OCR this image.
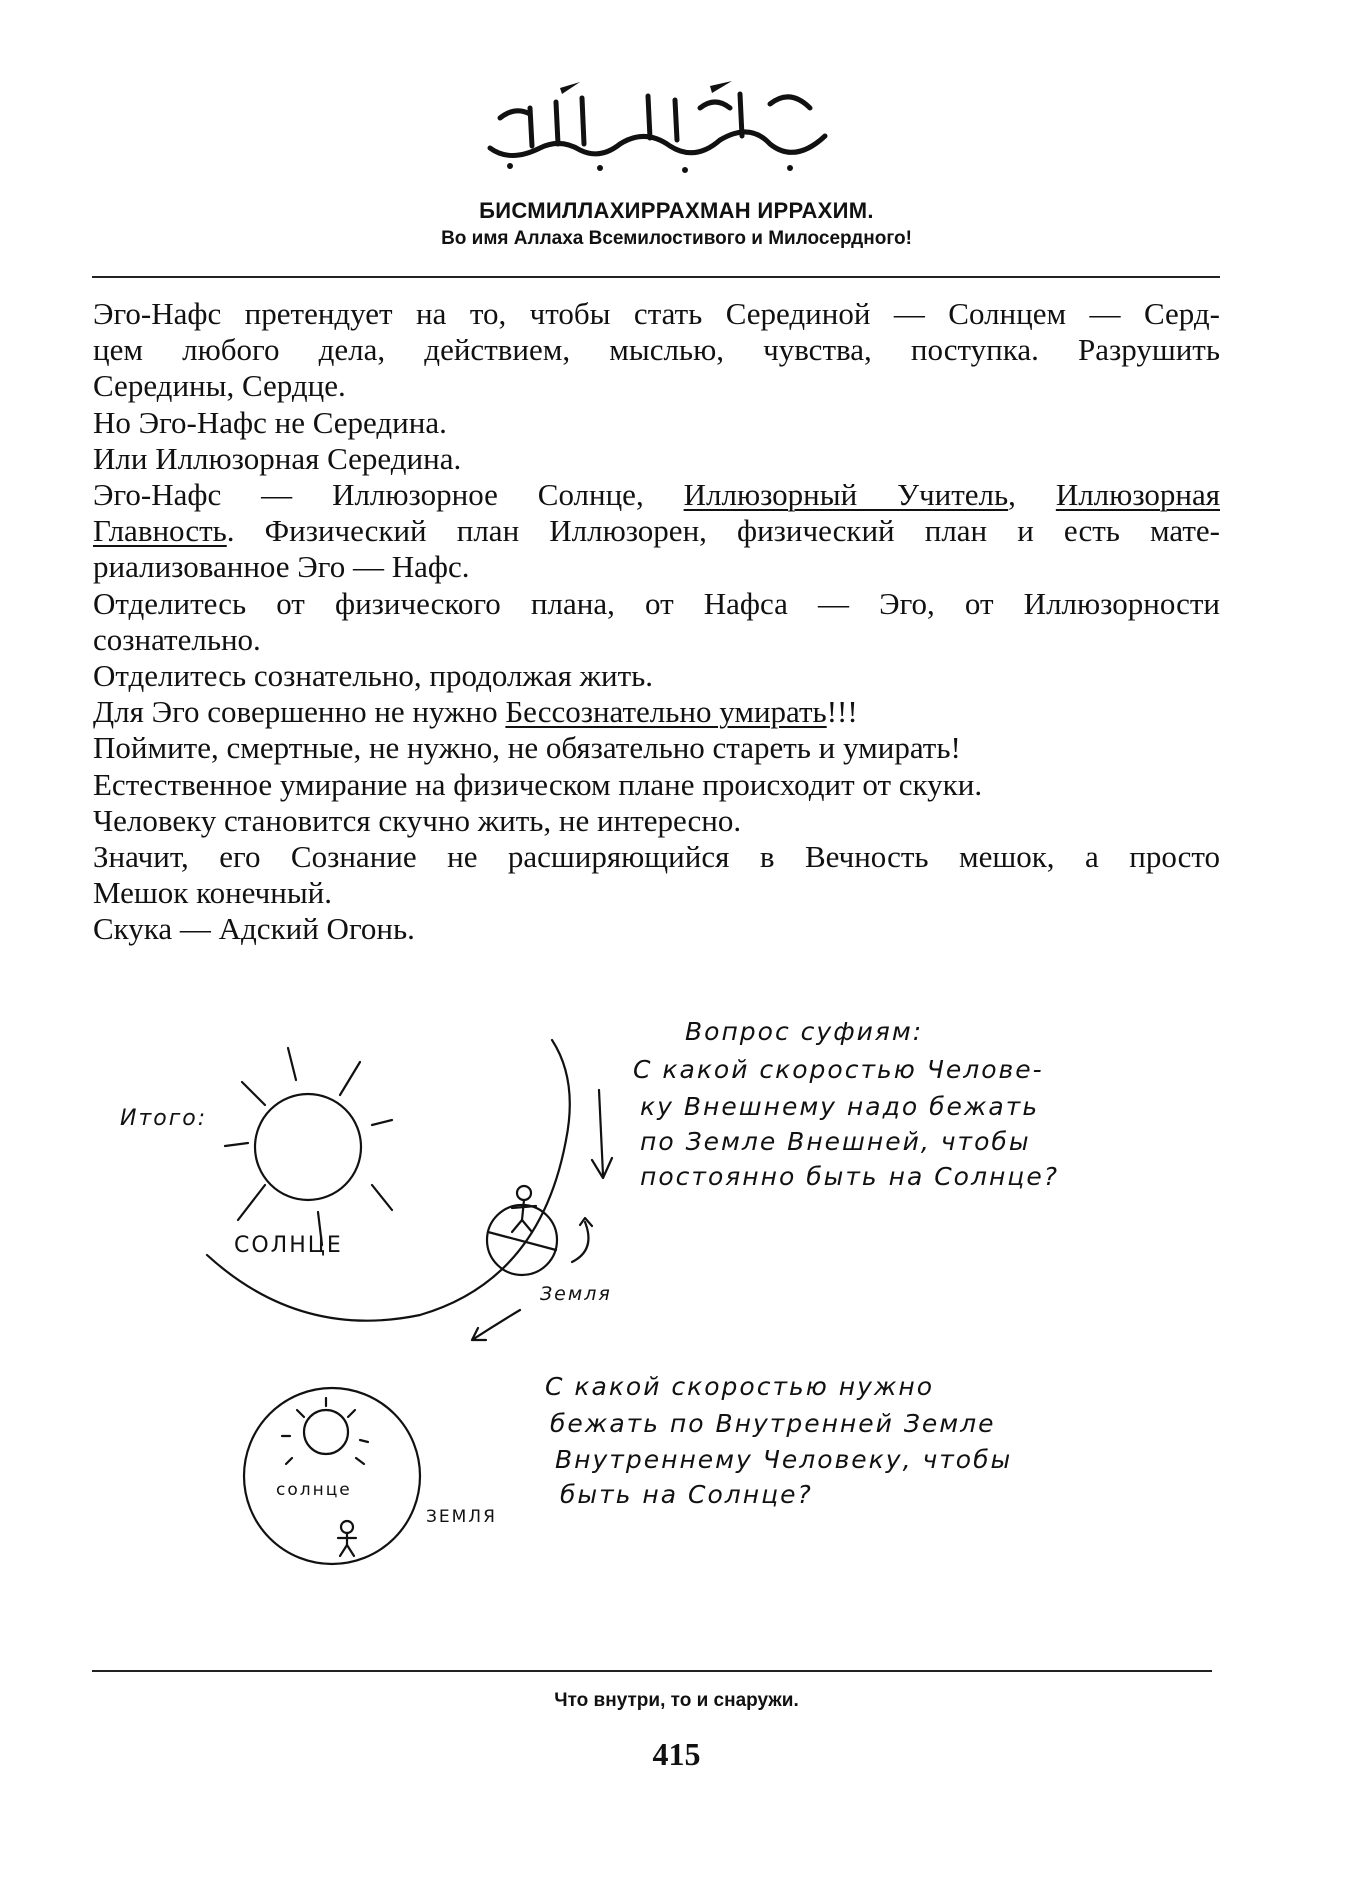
БИСМИЛЛАХИРРАХМАН ИРРАХИМ.
Во имя Аллаха Всемилостивого и Милосердного!

Эго-Нафс претендует на то, чтобы стать Серединой — Солнцем — Серд-

цем любого дела, действием, мыслью, чувства, поступка. Разрушить

Середины, Сердце.

Но Эго-Нафс не Середина.

Или Иллюзорная Середина.

Эго-Нафс — Иллюзорное Солнце, Иллюзорный Учитель, Иллюзорная

Главность. Физический план Иллюзорен, физический план и есть мате-

риализованное Эго — Нафс.

Отделитесь от физического плана, от Нафса — Эго, от Иллюзорности

сознательно.

Отделитесь сознательно, продолжая жить.

Для Эго совершенно не нужно Бессознательно умирать!!!

Поймите, смертные, не нужно, не обязательно стареть и умирать!

Естественное умирание на физическом плане происходит от скуки.

Человеку становится скучно жить, не интересно.

Значит, его Сознание не расширяющийся в Вечность мешок, а просто

Мешок конечный.

Скука — Адский Огонь.

Итого:
СОЛНЦЕ
Земля
солнце
ЗЕМЛЯ
Вопрос суфиям:
С какой скоростью Челове-
ку Внешнему надо бежать
по Земле Внешней, чтобы
постоянно быть на Солнце?
С какой скоростью нужно
бежать по Внутренней Земле
Внутреннему Человеку, чтобы
быть на Солнце?
Что внутри, то и снаружи.
415
